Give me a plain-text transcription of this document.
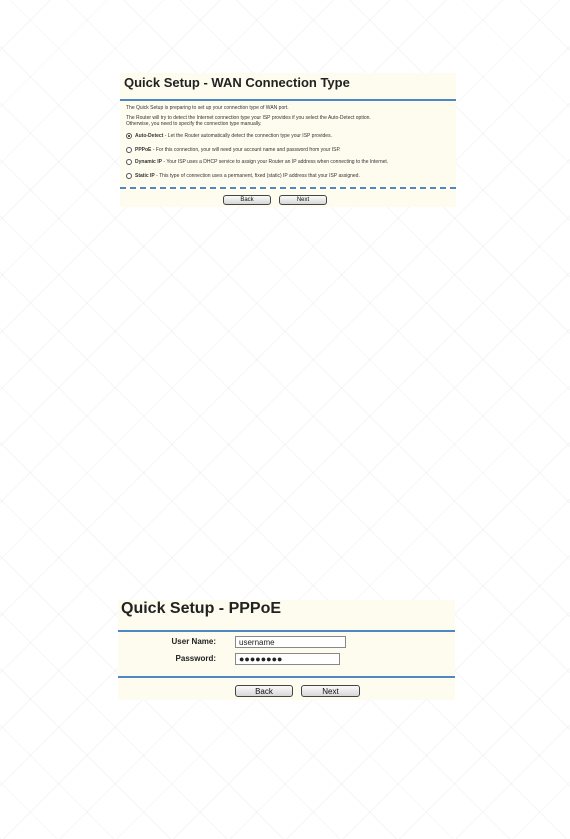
Quick Setup - WAN Connection Type
The Quick Setup is preparing to set up your connection type of WAN port.
The Router will try to detect the Internet connection type your ISP provides if you select the Auto-Detect option.
Otherwise, you need to specify the connection type manually.
Auto-Detect - Let the Router automatically detect the connection type your ISP provides.
PPPoE - For this connection, your will need your account name and password from your ISP.
Dynamic IP - Your ISP uses a DHCP service to assign your Router an IP address when connecting to the Internet.
Static IP - This type of connection uses a permanent, fixed (static) IP address that your ISP assigned.
Back	Next
Quick Setup - PPPoE
User Name:	username
Password:	●●●●●●●●
Back	Next
